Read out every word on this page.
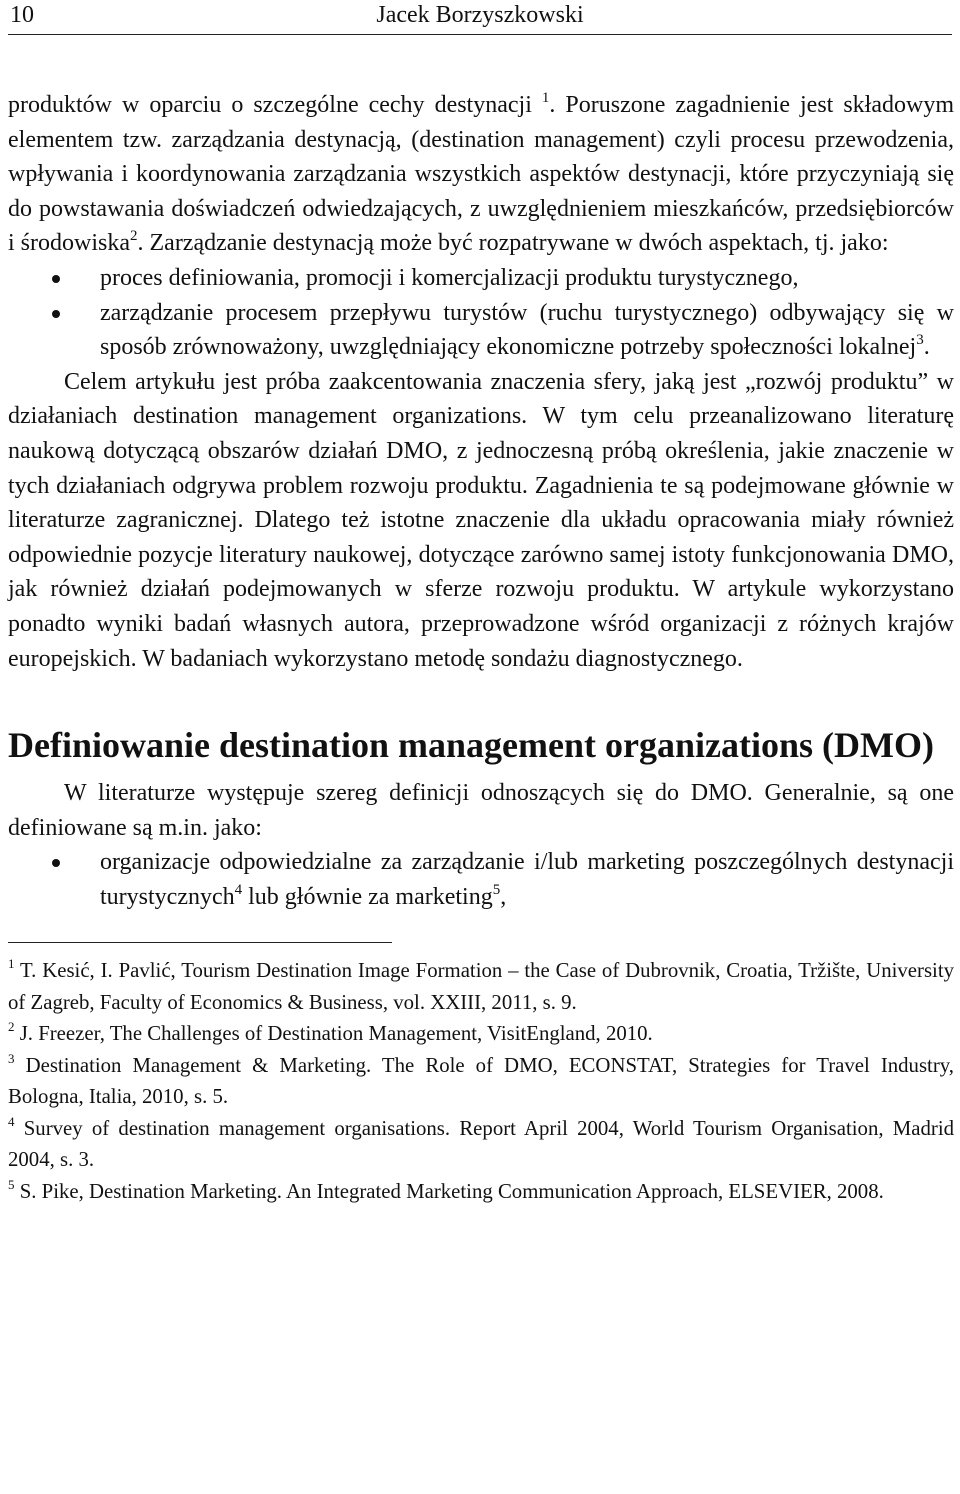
10	Jacek Borzyszkowski

produktów w oparciu o szczególne cechy destynacji $^1$. Poruszone zagadnienie jest składowym elementem tzw. zarządzania destynacją, (destination management) czyli procesu przewodzenia, wpływania i koordynowania zarządzania wszystkich aspektów destynacji, które przyczyniają się do powstawania doświadczeń odwiedzających, z uwzględnieniem mieszkańców, przedsiębiorców i środowiska$^2$. Zarządzanie destynacją może być rozpatrywane w dwóch aspektach, tj. jako:

proces definiowania, promocji i komercjalizacji produktu turystycznego,
zarządzanie procesem przepływu turystów (ruchu turystycznego) odbywający się w sposób zrównoważony, uwzględniający ekonomiczne potrzeby społeczności lokalnej$^3$.

Celem artykułu jest próba zaakcentowania znaczenia sfery, jaką jest „rozwój produktu” w działaniach destination management organizations. W tym celu przeanalizowano literaturę naukową dotyczącą obszarów działań DMO, z jednoczesną próbą określenia, jakie znaczenie w tych działaniach odgrywa problem rozwoju produktu. Zagadnienia te są podejmowane głównie w literaturze zagranicznej. Dlatego też istotne znaczenie dla układu opracowania miały również odpowiednie pozycje literatury naukowej, dotyczące zarówno samej istoty funkcjonowania DMO, jak również działań podejmowanych w sferze rozwoju produktu. W artykule wykorzystano ponadto wyniki badań własnych autora, przeprowadzone wśród organizacji z różnych krajów europejskich. W badaniach wykorzystano metodę sondażu diagnostycznego.

Definiowanie destination management organizations (DMO)

W literaturze występuje szereg definicji odnoszących się do DMO. Generalnie, są one definiowane są m.in. jako:

organizacje odpowiedzialne za zarządzanie i/lub marketing poszczególnych destynacji turystycznych$^4$ lub głównie za marketing$^5$,

$^1$ T. Kesić, I. Pavlić, Tourism Destination Image Formation – the Case of Dubrovnik, Croatia, Tržište, University of Zagreb, Faculty of Economics & Business, vol. XXIII, 2011, s. 9.

$^2$ J. Freezer, The Challenges of Destination Management, VisitEngland, 2010.

$^3$ Destination Management & Marketing. The Role of DMO, ECONSTAT, Strategies for Travel Industry, Bologna, Italia, 2010, s. 5.

$^4$ Survey of destination management organisations. Report April 2004, World Tourism Organisation, Madrid 2004, s. 3.

$^5$ S. Pike, Destination Marketing. An Integrated Marketing Communication Approach, ELSEVIER, 2008.
